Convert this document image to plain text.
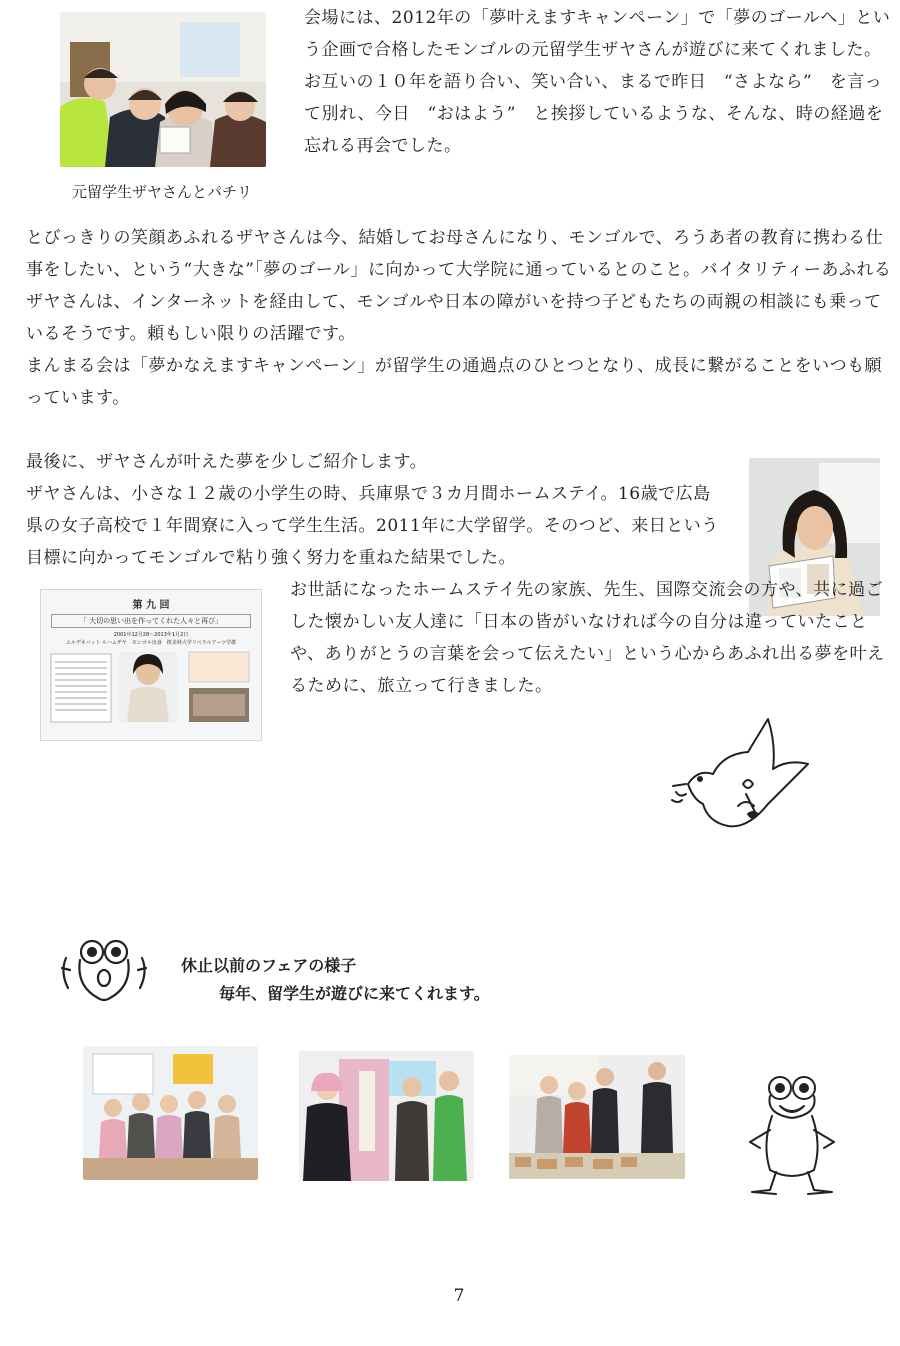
元留学生ザヤさんとパチリ

会場には、2012年の「夢叶えますキャンペーン」で「夢のゴールへ」という企画で合格したモンゴルの元留学生ザヤさんが遊びに来てくれました。お互いの１０年を語り合い、笑い合い、まるで昨日　“さよなら”　を言って別れ、今日　“おはよう”　と挨拶しているような、そんな、時の経過を忘れる再会でした。

とびっきりの笑顔あふれるザヤさんは今、結婚してお母さんになり、モンゴルで、ろうあ者の教育に携わる仕事をしたい、という“大きな”「夢のゴール」に向かって大学院に通っているとのこと。バイタリティーあふれるザヤさんは、インターネットを経由して、モンゴルや日本の障がいを持つ子どもたちの両親の相談にも乗っているそうです。頼もしい限りの活躍です。

まんまる会は「夢かなえますキャンペーン」が留学生の通過点のひとつとなり、成長に繋がることをいつも願っています。

最後に、ザヤさんが叶えた夢を少しご紹介します。

ザヤさんは、小さな１２歳の小学生の時、兵庫県で３カ月間ホームステイ。16歳で広島県の女子高校で１年間寮に入って学生生活。2011年に大学留学。そのつど、来日という目標に向かってモンゴルで粘り強く努力を重ねた結果でした。

第 九 回
「 大切の思い出を作ってくれた人々と再び」
2001年12月28～2013年1月2日
エルデネバット ルハムザヤ　モンゴル出身　桜美林大学リベラルアーツ学群

お世話になったホームステイ先の家族、先生、国際交流会の方や、共に過ごした懐かしい友人達に「日本の皆がいなければ今の自分は違っていたことや、ありがとうの言葉を会って伝えたい」という心からあふれ出る夢を叶えるために、旅立って行きました。

休止以前のフェアの様子
毎年、留学生が遊びに来てくれます。
7
